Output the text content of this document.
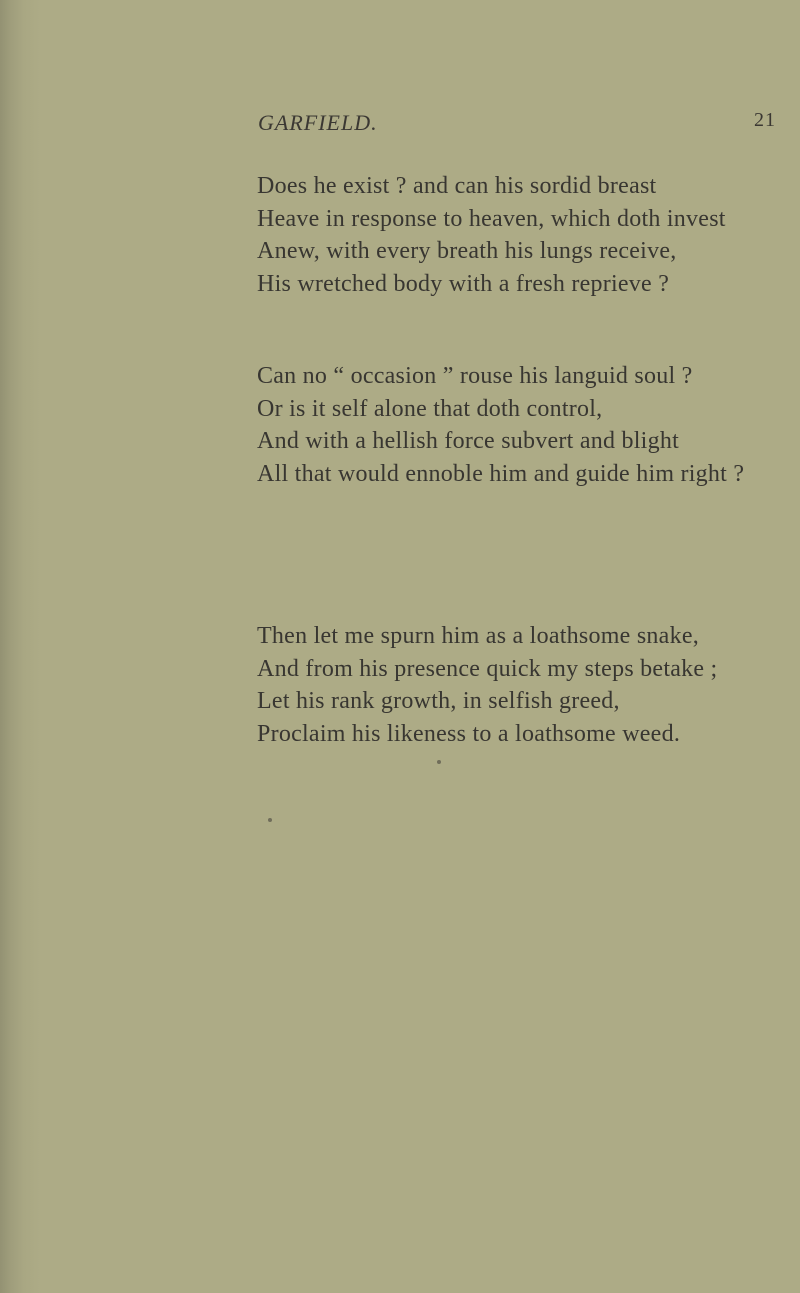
GARFIELD.	21
Does he exist ? and can his sordid breast
Heave in response to heaven, which doth invest
Anew, with every breath his lungs receive,
His wretched body with a fresh reprieve ?
Can no “ occasion ” rouse his languid soul ?
Or is it self alone that doth control,
And with a hellish force subvert and blight
All that would ennoble him and guide him right ?
Then let me spurn him as a loathsome snake,
And from his presence quick my steps betake ;
Let his rank growth, in selfish greed,
Proclaim his likeness to a loathsome weed.
